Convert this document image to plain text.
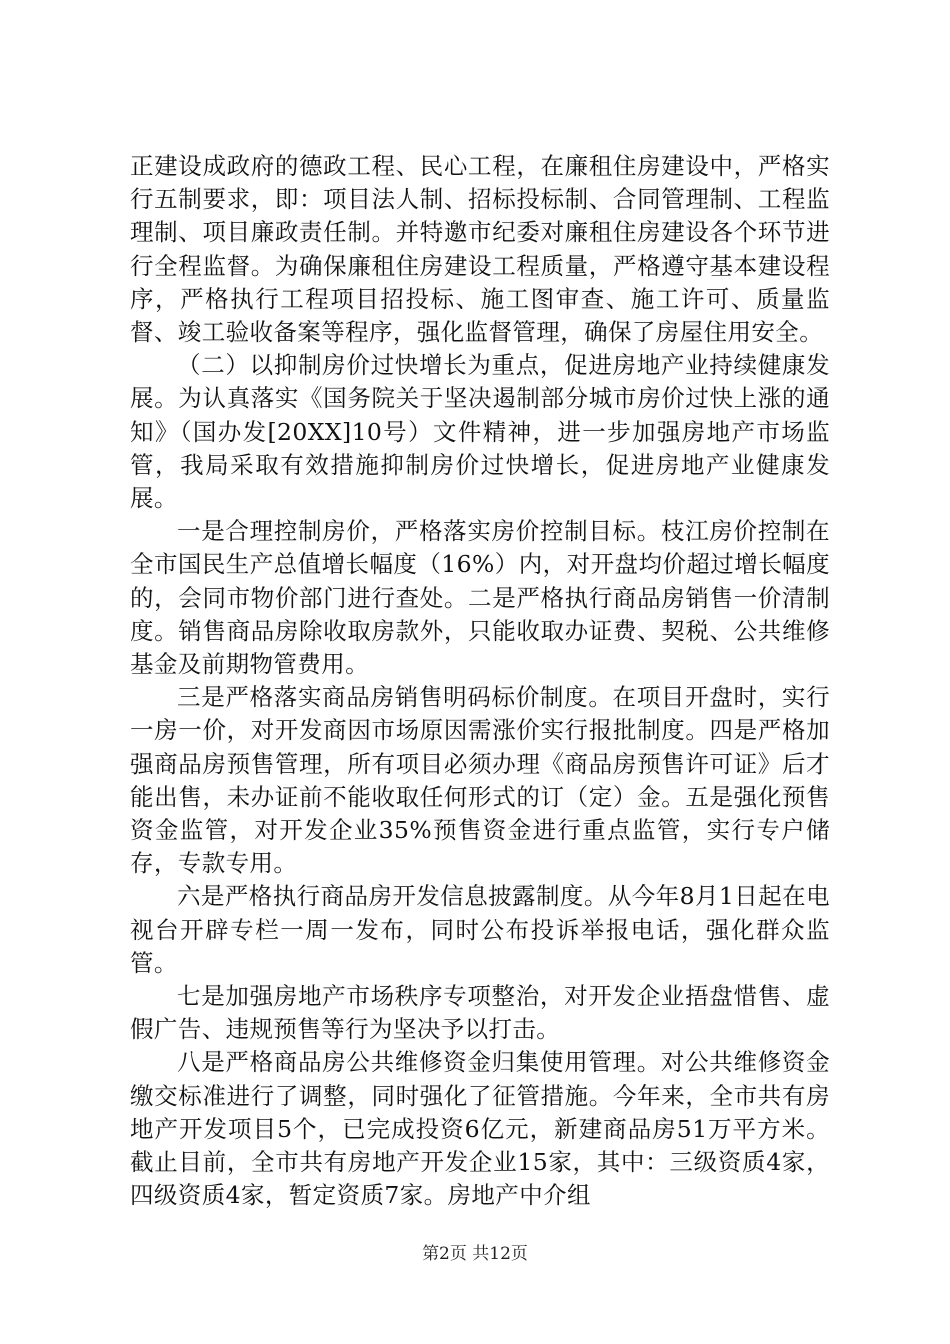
正建设成政府的德政工程、民心工程，在廉租住房建设中，严格实行五制要求，即：项目法人制、招标投标制、合同管理制、工程监理制、项目廉政责任制。并特邀市纪委对廉租住房建设各个环节进行全程监督。为确保廉租住房建设工程质量，严格遵守基本建设程序，严格执行工程项目招投标、施工图审查、施工许可、质量监督、竣工验收备案等程序，强化监督管理，确保了房屋住用安全。

（二）以抑制房价过快增长为重点，促进房地产业持续健康发展。为认真落实《国务院关于坚决遏制部分城市房价过快上涨的通知》（国办发[20XX]10号）文件精神，进一步加强房地产市场监管，我局采取有效措施抑制房价过快增长，促进房地产业健康发展。

一是合理控制房价，严格落实房价控制目标。枝江房价控制在全市国民生产总值增长幅度（16%）内，对开盘均价超过增长幅度的，会同市物价部门进行查处。二是严格执行商品房销售一价清制度。销售商品房除收取房款外，只能收取办证费、契税、公共维修基金及前期物管费用。

三是严格落实商品房销售明码标价制度。在项目开盘时，实行一房一价，对开发商因市场原因需涨价实行报批制度。四是严格加强商品房预售管理，所有项目必须办理《商品房预售许可证》后才能出售，未办证前不能收取任何形式的订（定）金。五是强化预售资金监管，对开发企业35%预售资金进行重点监管，实行专户储存，专款专用。

六是严格执行商品房开发信息披露制度。从今年8月1日起在电视台开辟专栏一周一发布，同时公布投诉举报电话，强化群众监管。

七是加强房地产市场秩序专项整治，对开发企业捂盘惜售、虚假广告、违规预售等行为坚决予以打击。

八是严格商品房公共维修资金归集使用管理。对公共维修资金缴交标准进行了调整，同时强化了征管措施。今年来，全市共有房地产开发项目5个，已完成投资6亿元，新建商品房51万平方米。截止目前，全市共有房地产开发企业15家，其中：三级资质4家，四级资质4家，暂定资质7家。房地产中介组

第2页 共12页
